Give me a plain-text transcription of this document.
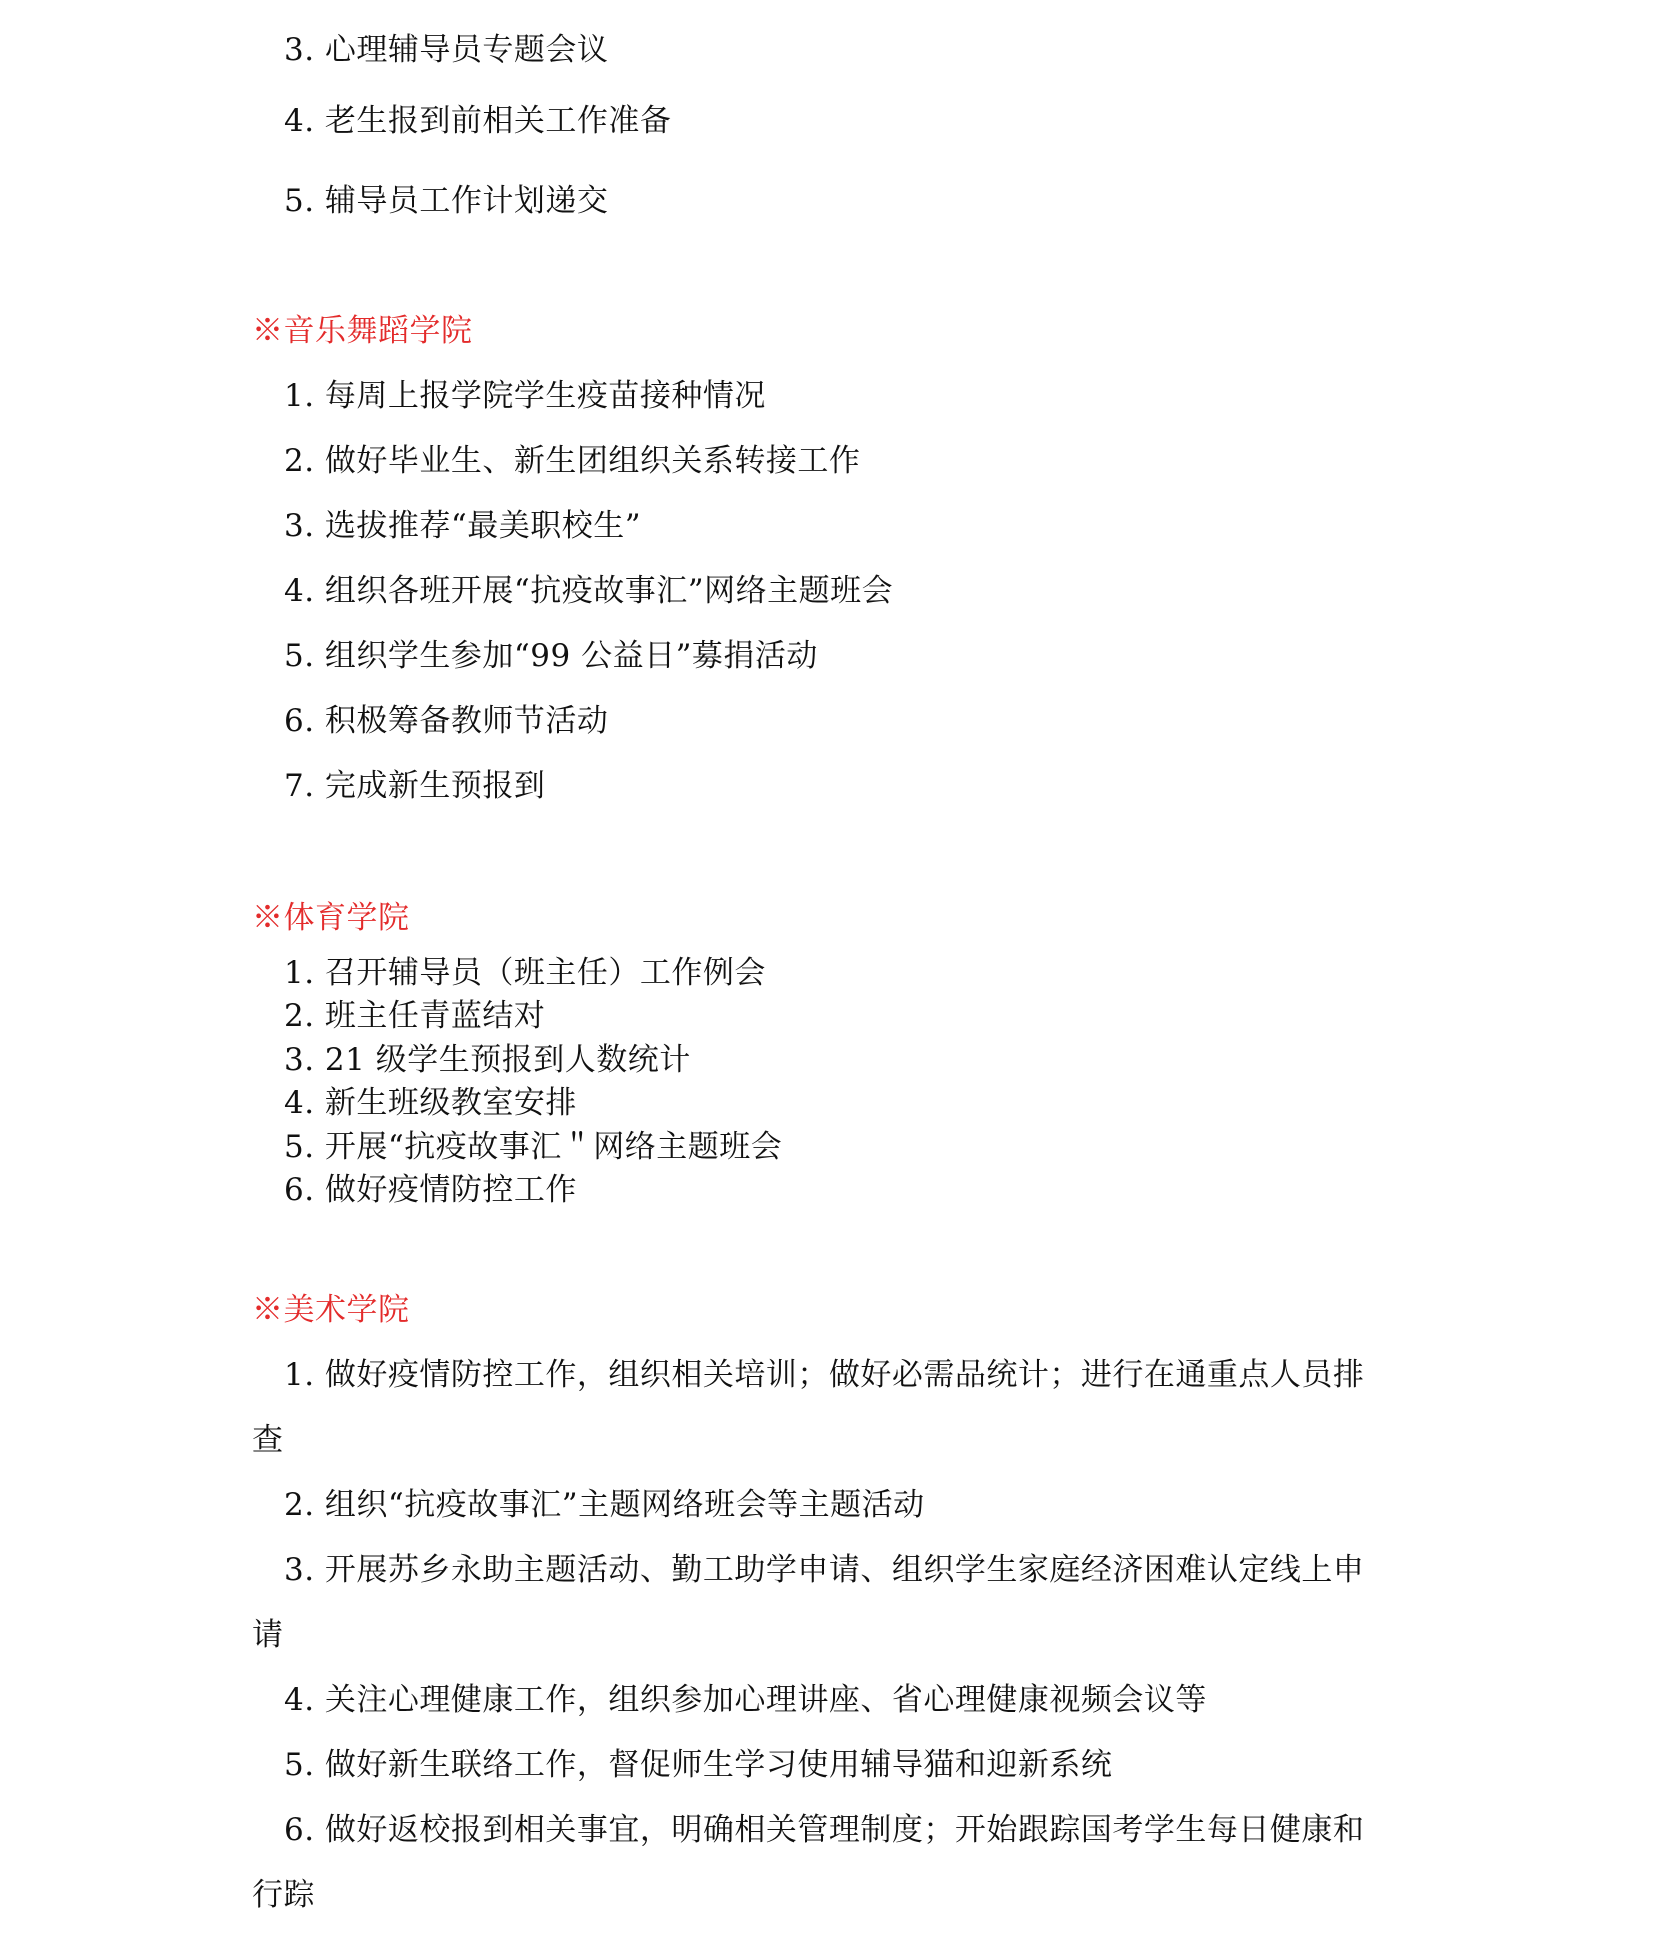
3. 心理辅导员专题会议
4. 老生报到前相关工作准备
5. 辅导员工作计划递交
※音乐舞蹈学院
1. 每周上报学院学生疫苗接种情况
2. 做好毕业生、新生团组织关系转接工作
3. 选拔推荐“最美职校生”
4. 组织各班开展“抗疫故事汇”网络主题班会
5. 组织学生参加“99 公益日”募捐活动
6. 积极筹备教师节活动
7. 完成新生预报到
※体育学院
1. 召开辅导员（班主任）工作例会
2. 班主任青蓝结对
3. 21 级学生预报到人数统计
4. 新生班级教室安排
5. 开展“抗疫故事汇＂网络主题班会
6. 做好疫情防控工作
※美术学院
1. 做好疫情防控工作，组织相关培训；做好必需品统计；进行在通重点人员排
查
2. 组织“抗疫故事汇”主题网络班会等主题活动
3. 开展苏乡永助主题活动、勤工助学申请、组织学生家庭经济困难认定线上申
请
4. 关注心理健康工作，组织参加心理讲座、省心理健康视频会议等
5. 做好新生联络工作，督促师生学习使用辅导猫和迎新系统
6. 做好返校报到相关事宜，明确相关管理制度；开始跟踪国考学生每日健康和
行踪
